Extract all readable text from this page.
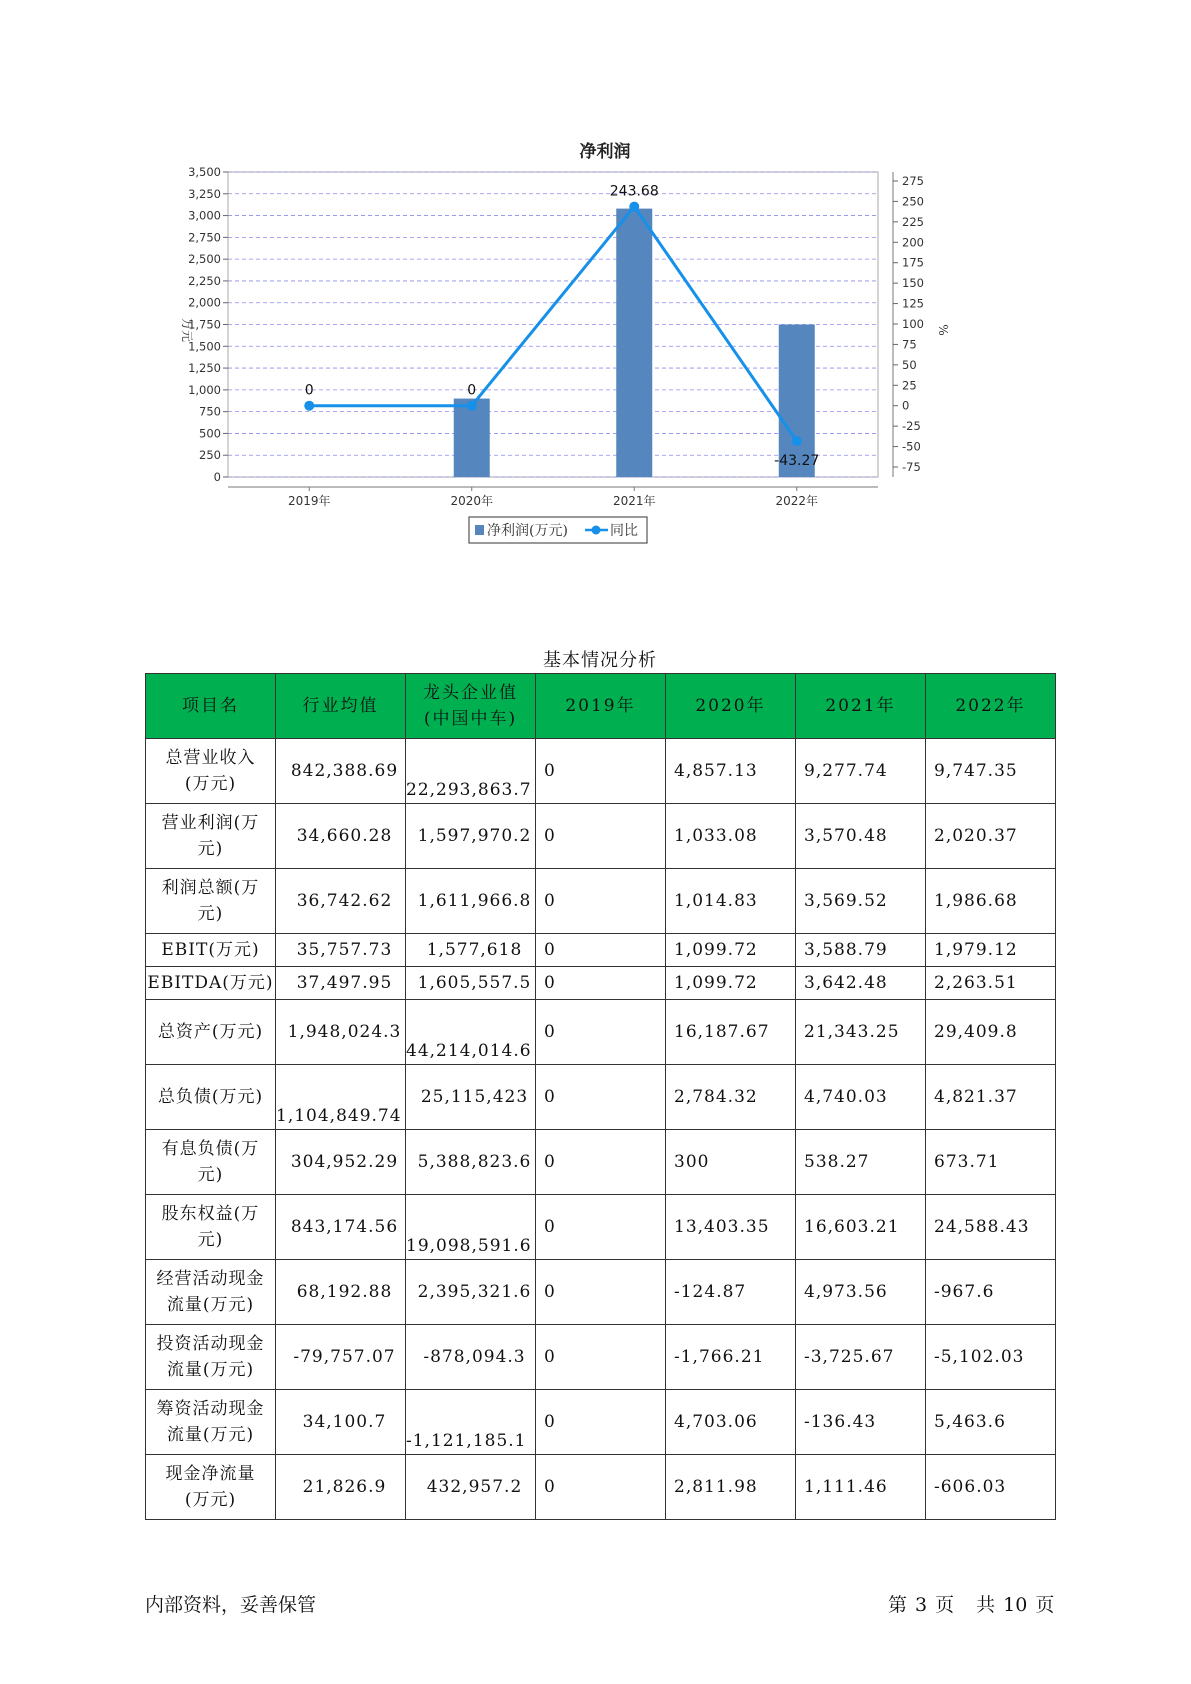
净利润
0
250
500
750
1,000
1,250
1,500
1,750
2,000
2,250
2,500
2,750
3,000
3,250
3,500
2019年	2020年	2021年	2022年
275
250
225
200
175
150
125
100
75
50
25
0
-25
-50
-75
0	0
243.68
-43.27
万元	%
净利润(万元)	同比
基本情况分析
项目名	行业均值	龙头企业值
(中国中车)	2019年	2020年	2021年	2022年
总营业收入
(万元)	842,388.69	22,293,863.7	0	4,857.13	9,277.74	9,747.35
营业利润(万
元)	34,660.28	1,597,970.2	0	1,033.08	3,570.48	2,020.37
利润总额(万
元)	36,742.62	1,611,966.8	0	1,014.83	3,569.52	1,986.68
EBIT(万元)	35,757.73	1,577,618	0	1,099.72	3,588.79	1,979.12
EBITDA(万元)	37,497.95	1,605,557.5	0	1,099.72	3,642.48	2,263.51
总资产(万元)	1,948,024.3	44,214,014.6	0	16,187.67	21,343.25	29,409.8
总负债(万元)	1,104,849.74	25,115,423	0	2,784.32	4,740.03	4,821.37
有息负债(万
元)	304,952.29	5,388,823.6	0	300	538.27	673.71
股东权益(万
元)	843,174.56	19,098,591.6	0	13,403.35	16,603.21	24,588.43
经营活动现金
流量(万元)	68,192.88	2,395,321.6	0	-124.87	4,973.56	-967.6
投资活动现金
流量(万元)	-79,757.07	-878,094.3	0	-1,766.21	-3,725.67	-5,102.03
筹资活动现金
流量(万元)	34,100.7	-1,121,185.1	0	4,703.06	-136.43	5,463.6
现金净流量
(万元)	21,826.9	432,957.2	0	2,811.98	1,111.46	-606.03
内部资料，妥善保管	第 3 页 共 10 页
